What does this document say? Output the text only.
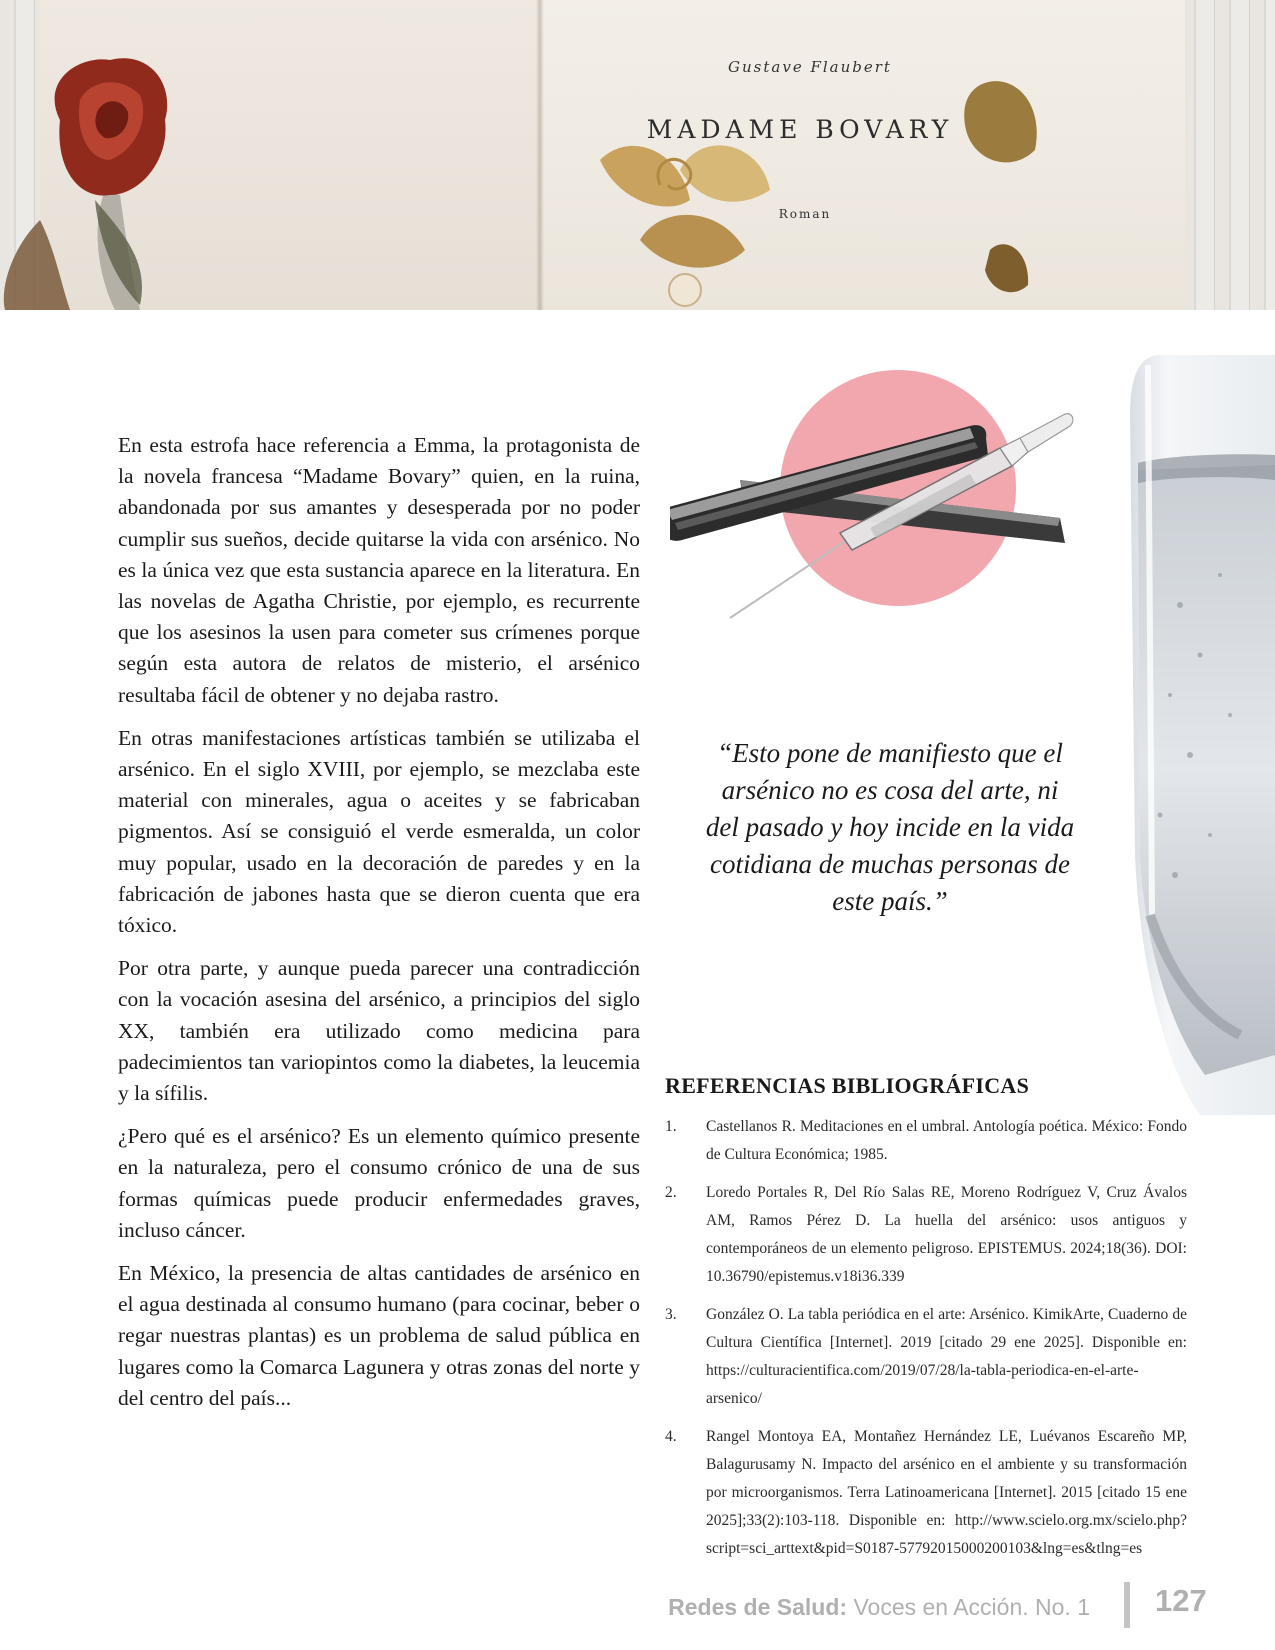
Gustave Flaubert
MADAME BOVARY
Roman

En esta estrofa hace referencia a Emma, la protagonista de la novela francesa “Madame Bovary” quien, en la ruina, abandonada por sus amantes y desesperada por no poder cumplir sus sueños, decide quitarse la vida con arsénico. No es la única vez que esta sustancia aparece en la literatura. En las novelas de Agatha Christie, por ejemplo, es recurrente que los asesinos la usen para cometer sus crímenes porque según esta autora de relatos de misterio, el arsénico resultaba fácil de obtener y no dejaba rastro.

En otras manifestaciones artísticas también se utilizaba el arsénico. En el siglo XVIII, por ejemplo, se mezclaba este material con minerales, agua o aceites y se fabricaban pigmentos. Así se consiguió el verde esmeralda, un color muy popular, usado en la decoración de paredes y en la fabricación de jabones hasta que se dieron cuenta que era tóxico.

Por otra parte, y aunque pueda parecer una contradicción con la vocación asesina del arsénico, a principios del siglo XX, también era utilizado como medicina para padecimientos tan variopintos como la diabetes, la leucemia y la sífilis.

¿Pero qué es el arsénico? Es un elemento químico presente en la naturaleza, pero el consumo crónico de una de sus formas químicas puede producir enfermedades graves, incluso cáncer.

En México, la presencia de altas cantidades de arsénico en el agua destinada al consumo humano (para cocinar, beber o regar nuestras plantas) es un problema de salud pública en lugares como la Comarca Lagunera y otras zonas del norte y del centro del país...

“Esto pone de manifiesto que el arsénico no es cosa del arte, ni del pasado y hoy incide en la vida cotidiana de muchas personas de este país.”
REFERENCIAS BIBLIOGRÁFICAS
1. Castellanos R. Meditaciones en el umbral. Antología poética. México: Fondo de Cultura Económica; 1985.
2. Loredo Portales R, Del Río Salas RE, Moreno Rodríguez V, Cruz Ávalos AM, Ramos Pérez D. La huella del arsénico: usos antiguos y contemporáneos de un elemento peligroso. EPISTEMUS. 2024;18(36). DOI: 10.36790/epistemus.v18i36.339
3. González O. La tabla periódica en el arte: Arsénico. KimikArte, Cuaderno de Cultura Científica [Internet]. 2019 [citado 29 ene 2025]. Disponible en: https://culturacientifica.com/2019/07/28/la-tabla-periodica-en-el-arte-arsenico/
4. Rangel Montoya EA, Montañez Hernández LE, Luévanos Escareño MP, Balagurusamy N. Impacto del arsénico en el ambiente y su transformación por microorganismos. Terra Latinoamericana [Internet]. 2015 [citado 15 ene 2025];33(2):103-118. Disponible en: http://www.scielo.org.mx/scielo.php?script=sci_arttext&pid=S0187-57792015000200103&lng=es&tlng=es
Redes de Salud: Voces en Acción. No. 1 127
